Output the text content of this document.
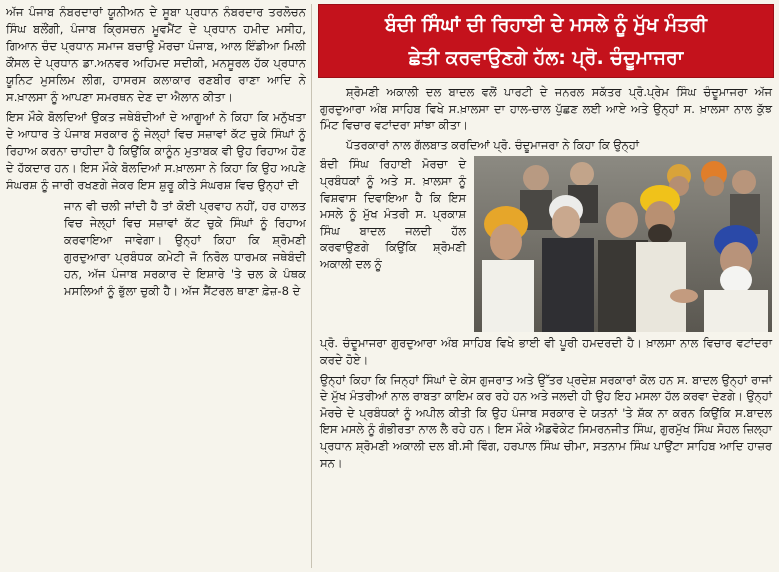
ਅੱਜ ਪੰਜਾਬ ਨੰਬਰਦਾਰਾਂ ਯੂਨੀਅਨ ਦੇ ਸੂਬਾ ਪ੍ਰਧਾਨ ਨੰਬਰਦਾਰ ਤਰਲੋਚਨ ਸਿੰਘ ਬਲੌਂਗੀ, ਪੰਜਾਬ ਕ੍ਰਿਸਚਨ ਮੂਵਮੈਂਟ ਦੇ ਪ੍ਰਧਾਨ ਹਮੀਦ ਮਸੀਹ, ਗਿਆਨ ਚੰਦ ਪ੍ਰਧਾਨ ਸਮਾਜ ਬਚਾਉ ਮੋਰਚਾ ਪੰਜਾਬ, ਆਲ ਇੰਡੀਆ ਮਿਲੀ ਕੌਂਸਲ ਦੇ ਪ੍ਰਧਾਨ ਡਾ.ਅਨਵਰ ਅਹਿਮਦ ਸਦੀਕੀ, ਮਨਸੂਰਲ ਹੱਕ ਪ੍ਰਧਾਨ ਯੂਨਿਟ ਮੁਸਲਿਮ ਲੀਗ, ਹਾਸਰਸ ਕਲਾਕਾਰ ਰਣਬੀਰ ਰਾਣਾ ਆਦਿ ਨੇ ਸ.ਖ਼ਾਲਸਾ ਨੂੰ ਆਪਣਾ ਸਮਰਥਨ ਦੇਣ ਦਾ ਐਲਾਨ ਕੀਤਾ।

ਇਸ ਮੌਕੇ ਬੋਲਦਿਆਂ ਉਕਤ ਜਥੇਬੰਦੀਆਂ ਦੇ ਆਗੂਆਂ ਨੇ ਕਿਹਾ ਕਿ ਮਨੁੱਖਤਾ ਦੇ ਆਧਾਰ ਤੇ ਪੰਜਾਬ ਸਰਕਾਰ ਨੂੰ ਜੇਲ੍ਹਾਂ ਵਿਚ ਸਜ਼ਾਵਾਂ ਕੱਟ ਚੁਕੇ ਸਿੰਘਾਂ ਨੂੰ ਰਿਹਾਅ ਕਰਨਾ ਚਾਹੀਦਾ ਹੈ ਕਿਉਂਕਿ ਕਾਨੂੰਨ ਮੁਤਾਬਕ ਵੀ ਉਹ ਰਿਹਾਅ ਹੋਣ ਦੇ ਹੱਕਦਾਰ ਹਨ। ਇਸ ਮੌਕੇ ਬੋਲਦਿਆਂ ਸ.ਖ਼ਾਲਸਾ ਨੇ ਕਿਹਾ ਕਿ ਉਹ ਅਪਣੇ ਸੰਘਰਸ਼ ਨੂੰ ਜਾਰੀ ਰਖਣਗੇ ਜੇਕਰ ਇਸ ਸ਼ੁਰੂ ਕੀਤੇ ਸੰਘਰਸ਼ ਵਿਚ ਉਨ੍ਹਾਂ ਦੀ

ਜਾਨ ਵੀ ਚਲੀ ਜਾਂਦੀ ਹੈ ਤਾਂ ਕੋਈ ਪ੍ਰਵਾਹ ਨਹੀਂ, ਹਰ ਹਾਲਤ ਵਿਚ ਜੇਲ੍ਹਾਂ ਵਿਚ ਸਜ਼ਾਵਾਂ ਕੱਟ ਚੁਕੇ ਸਿੰਘਾਂ ਨੂੰ ਰਿਹਾਅ ਕਰਵਾਇਆ ਜਾਵੇਗਾ। ਉਨ੍ਹਾਂ ਕਿਹਾ ਕਿ ਸ਼੍ਰੋਮਣੀ ਗੁਰਦੁਆਰਾ ਪ੍ਰਬੰਧਕ ਕਮੇਟੀ ਜੋ ਨਿਰੋਲ ਧਾਰਮਕ ਜਥੇਬੰਦੀ ਹਨ, ਅੱਜ ਪੰਜਾਬ ਸਰਕਾਰ ਦੇ ਇਸ਼ਾਰੇ 'ਤੇ ਚਲ ਕੇ ਪੰਥਕ ਮਸਲਿਆਂ ਨੂੰ ਭੁੱਲਾ ਚੁਕੀ ਹੈ। ਅੱਜ ਸੈਂਟਰਲ ਥਾਣਾ ਫ਼ੇਜ਼-8 ਦੇ

ਬੰਦੀ ਸਿੰਘਾਂ ਦੀ ਰਿਹਾਈ ਦੇ ਮਸਲੇ ਨੂੰ ਮੁੱਖ ਮੰਤਰੀ
ਛੇਤੀ ਕਰਵਾਉਣਗੇ ਹੱਲ: ਪ੍ਰੋ. ਚੰਦੂਮਾਜਰਾ

ਸ਼੍ਰੋਮਣੀ ਅਕਾਲੀ ਦਲ ਬਾਦਲ ਵਲੋਂ ਪਾਰਟੀ ਦੇ ਜਨਰਲ ਸਕੱਤਰ ਪ੍ਰੋ.ਪ੍ਰੇਮ ਸਿੰਘ ਚੰਦੂਮਾਜਰਾ ਅੱਜ ਗੁਰਦੁਆਰਾ ਅੰਬ ਸਾਹਿਬ ਵਿਖੇ ਸ.ਖ਼ਾਲਸਾ ਦਾ ਹਾਲ-ਚਾਲ ਪੁੱਛਣ ਲਈ ਆਏ ਅਤੇ ਉਨ੍ਹਾਂ ਸ. ਖ਼ਾਲਸਾ ਨਾਲ ਕੁੱਝ ਮਿੰਟ ਵਿਚਾਰ ਵਟਾਂਦਰਾ ਸਾਂਝਾ ਕੀਤਾ।

ਪੱਤਰਕਾਰਾਂ ਨਾਲ ਗੱਲਬਾਤ ਕਰਦਿਆਂ ਪ੍ਰੋ. ਚੰਦੂਮਾਜਰਾ ਨੇ ਕਿਹਾ ਕਿ ਉਨ੍ਹਾਂ

ਬੰਦੀ ਸਿੰਘ ਰਿਹਾਈ ਮੋਰਚਾ ਦੇ ਪ੍ਰਬੰਧਕਾਂ ਨੂੰ ਅਤੇ ਸ. ਖ਼ਾਲਸਾ ਨੂੰ ਵਿਸ਼ਵਾਸ ਦਿਵਾਇਆ ਹੈ ਕਿ ਇਸ ਮਸਲੇ ਨੂੰ ਮੁੱਖ ਮੰਤਰੀ ਸ. ਪ੍ਰਕਾਸ਼ ਸਿੰਘ ਬਾਦਲ ਜਲਦੀ ਹੱਲ ਕਰਵਾਉਣਗੇ ਕਿਉਂਕਿ ਸ਼੍ਰੋਮਣੀ ਅਕਾਲੀ ਦਲ ਨੂੰ

ਪ੍ਰੋ. ਚੰਦੂਮਾਜਰਾ ਗੁਰਦੁਆਰਾ ਅੰਬ ਸਾਹਿਬ ਵਿਖੇ ਭਾਈ ਵੀ ਪੂਰੀ ਹਮਦਰਦੀ ਹੈ। ਖ਼ਾਲਸਾ ਨਾਲ ਵਿਚਾਰ ਵਟਾਂਦਰਾ ਕਰਦੇ ਹੋਏ।

ਉਨ੍ਹਾਂ ਕਿਹਾ ਕਿ ਜਿਨ੍ਹਾਂ ਸਿੰਘਾਂ ਦੇ ਕੇਸ ਗੁਜਰਾਤ ਅਤੇ ਉੱਤਰ ਪ੍ਰਦੇਸ਼ ਸਰਕਾਰਾਂ ਕੋਲ ਹਨ ਸ. ਬਾਦਲ ਉਨ੍ਹਾਂ ਰਾਜਾਂ ਦੇ ਮੁੱਖ ਮੰਤਰੀਆਂ ਨਾਲ ਰਾਬਤਾ ਕਾਇਮ ਕਰ ਰਹੇ ਹਨ ਅਤੇ ਜਲਦੀ ਹੀ ਉਹ ਇਹ ਮਸਲਾ ਹੱਲ ਕਰਵਾ ਦੇਣਗੇ। ਉਨ੍ਹਾਂ ਮੋਰਚੇ ਦੇ ਪ੍ਰਬੰਧਕਾਂ ਨੂੰ ਅਪੀਲ ਕੀਤੀ ਕਿ ਉਹ ਪੰਜਾਬ ਸਰਕਾਰ ਦੇ ਯਤਨਾਂ 'ਤੇ ਸ਼ੱਕ ਨਾ ਕਰਨ ਕਿਉਂਕਿ ਸ.ਬਾਦਲ ਇਸ ਮਸਲੇ ਨੂੰ ਗੰਭੀਰਤਾ ਨਾਲ ਲੈ ਰਹੇ ਹਨ। ਇਸ ਮੌਕੇ ਐਡਵੋਕੇਟ ਸਿਮਰਨਜੀਤ ਸਿੰਘ, ਗੁਰਮੁੱਖ ਸਿੰਘ ਸੋਹਲ ਜ਼ਿਲ੍ਹਾ ਪ੍ਰਧਾਨ ਸ਼੍ਰੋਮਣੀ ਅਕਾਲੀ ਦਲ ਬੀ.ਸੀ ਵਿੰਗ, ਹਰਪਾਲ ਸਿੰਘ ਚੀਮਾ, ਸਤਨਾਮ ਸਿੰਘ ਪਾਉਂਟਾ ਸਾਹਿਬ ਆਦਿ ਹਾਜ਼ਰ ਸਨ।
